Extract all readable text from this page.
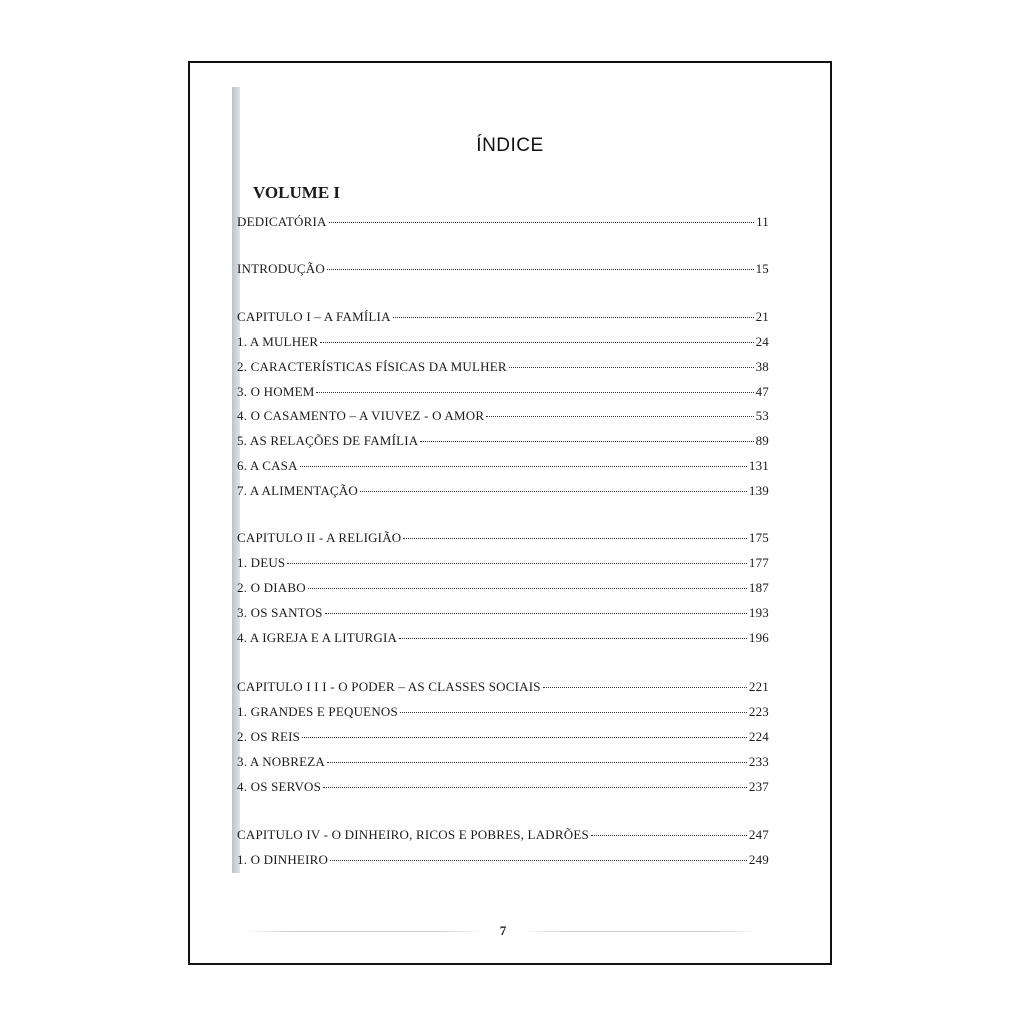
ÍNDICE
VOLUME I
DEDICATÓRIA	11
INTRODUÇÃO	15
CAPITULO I – A FAMÍLIA	21
1. A MULHER	24
2. CARACTERÍSTICAS FÍSICAS DA MULHER	38
3. O HOMEM	47
4. O CASAMENTO – A VIUVEZ - O AMOR	53
5. AS RELAÇÕES DE FAMÍLIA	89
6. A CASA	131
7. A ALIMENTAÇÃO	139
CAPITULO II - A RELIGIÃO	175
1. DEUS	177
2. O DIABO	187
3. OS SANTOS	193
4. A IGREJA E A LITURGIA	196
CAPITULO I I I - O PODER – AS CLASSES SOCIAIS	221
1. GRANDES E PEQUENOS	223
2. OS REIS	224
3. A NOBREZA	233
4. OS SERVOS	237
CAPITULO IV - O DINHEIRO, RICOS E POBRES, LADRÕES	247
1. O DINHEIRO	249
7
